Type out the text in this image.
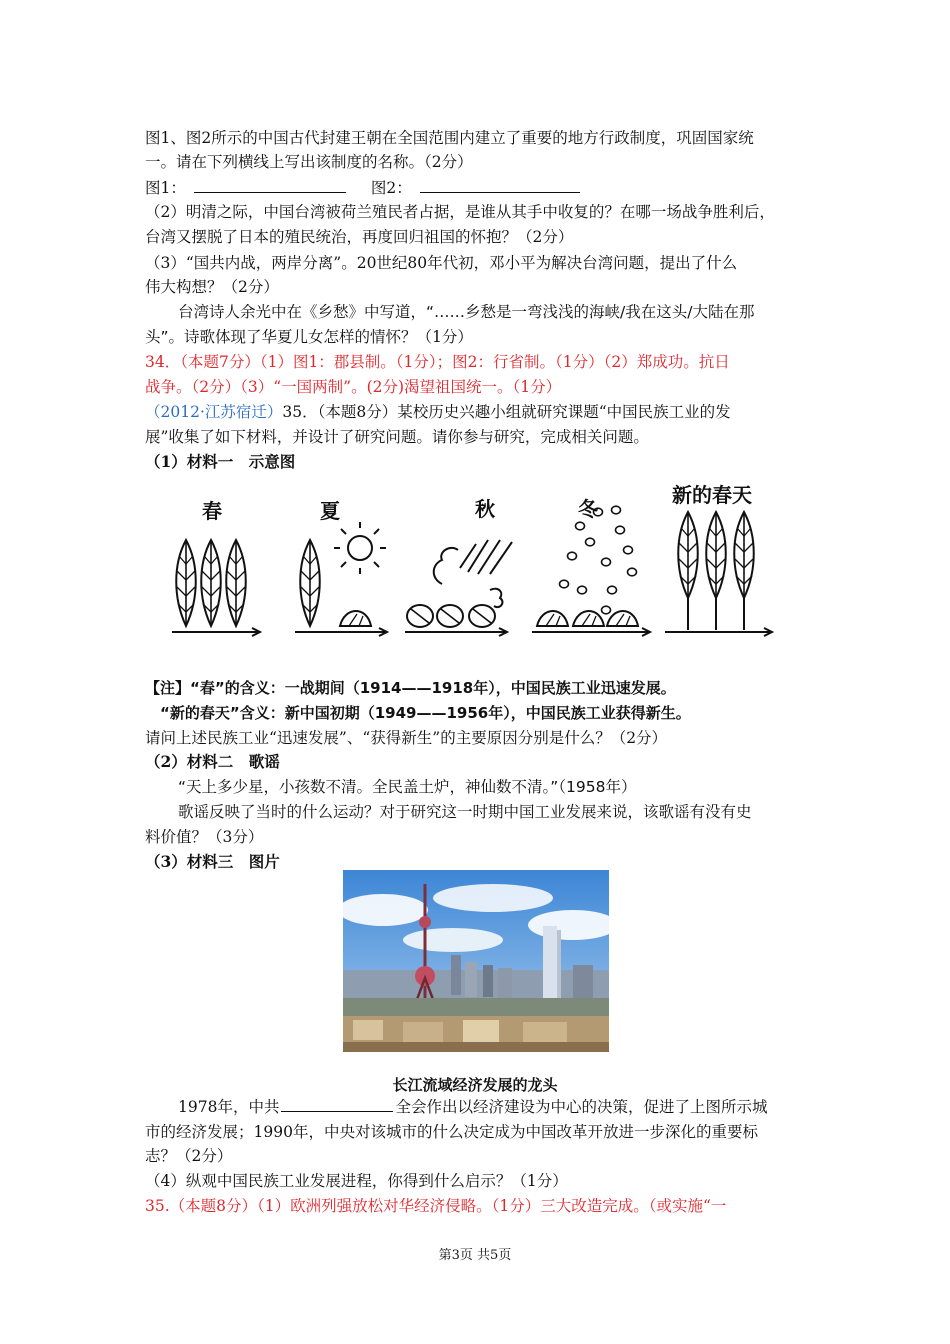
图1、图2所示的中国古代封建王朝在全国范围内建立了重要的地方行政制度，巩固国家统
一。请在下列横线上写出该制度的名称。（2分）
图1：	图2：
（2）明清之际，中国台湾被荷兰殖民者占据，是谁从其手中收复的？在哪一场战争胜利后，
台湾又摆脱了日本的殖民统治，再度回归祖国的怀抱？（2分）
（3）“国共内战，两岸分离”。20世纪80年代初，邓小平为解决台湾问题，提出了什么
伟大构想？（2分）
台湾诗人余光中在《乡愁》中写道，“……乡愁是一弯浅浅的海峡/我在这头/大陆在那
头”。诗歌体现了华夏儿女怎样的情怀？（1分）
34．（本题7分）（1）图1：郡县制。（1分）；图2：行省制。（1分）（2）郑成功。抗日
战争。（2分）（3）“一国两制”。(2分)渴望祖国统一。（1分）
（2012·江苏宿迁）35．（本题8分）某校历史兴趣小组就研究课题“中国民族工业的发
展”收集了如下材料，并设计了研究问题。请你参与研究，完成相关问题。
（1）材料一　示意图
春	夏	秋	冬
新的春天
【注】“春”的含义：一战期间（1914——1918年），中国民族工业迅速发展。
“新的春天”含义：新中国初期（1949——1956年），中国民族工业获得新生。
请问上述民族工业“迅速发展”、“获得新生”的主要原因分别是什么？（2分）
（2）材料二　歌谣
“天上多少星，小孩数不清。全民盖土炉，神仙数不清。”（1958年）
歌谣反映了当时的什么运动？对于研究这一时期中国工业发展来说，该歌谣有没有史
料价值？（3分）
（3）材料三　图片
长江流域经济发展的龙头
1978年，中共	全会作出以经济建设为中心的决策，促进了上图所示城
市的经济发展；1990年，中央对该城市的什么决定成为中国改革开放进一步深化的重要标
志？（2分）
（4）纵观中国民族工业发展进程，你得到什么启示？（1分）
35.（本题8分）（1）欧洲列强放松对华经济侵略。（1分）三大改造完成。（或实施“一
第3页 共5页
